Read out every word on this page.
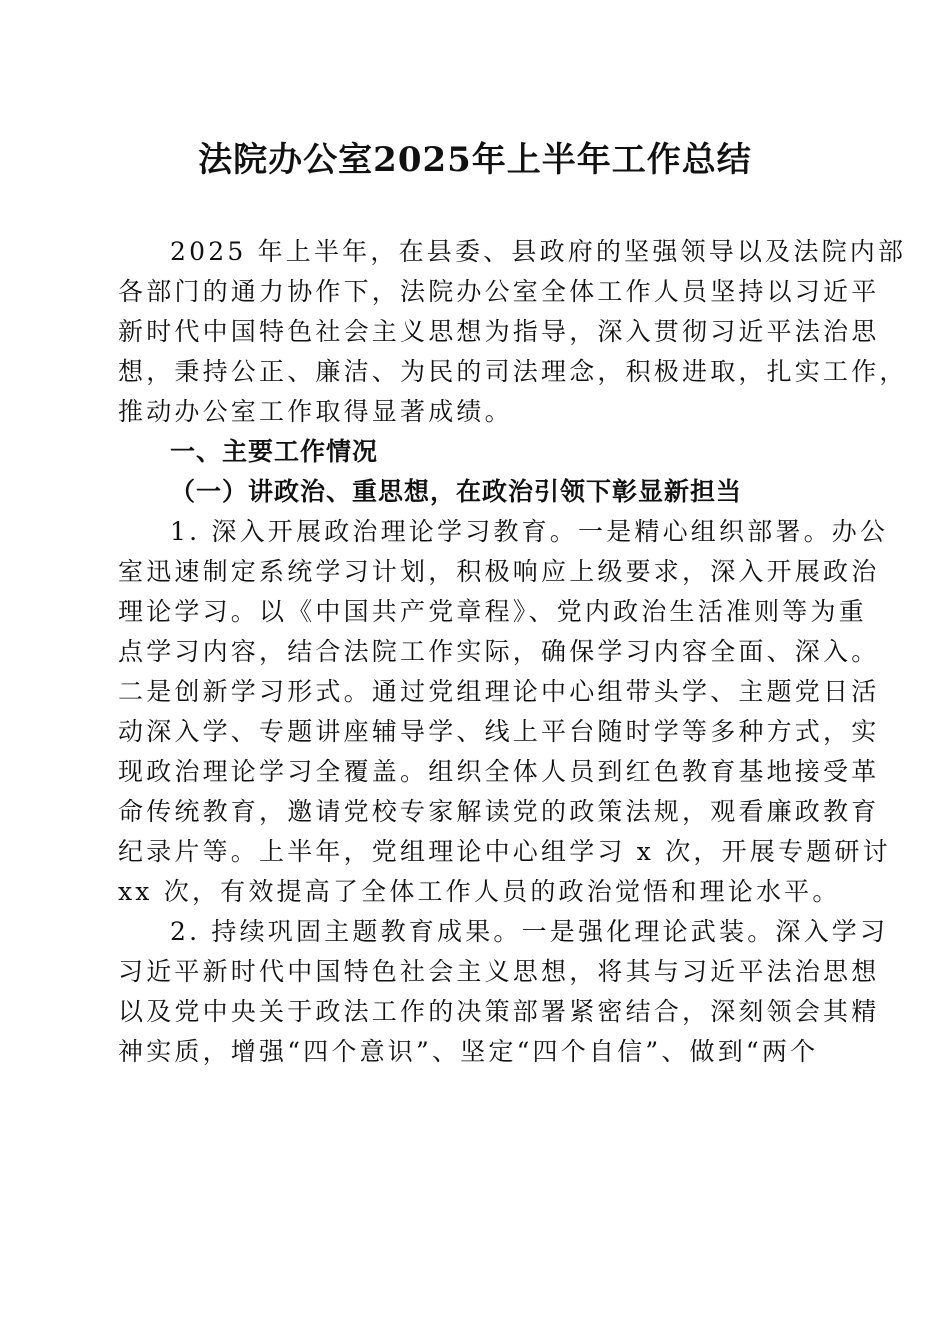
法院办公室2025年上半年工作总结
2025 年上半年，在县委、县政府的坚强领导以及法院内部
各部门的通力协作下，法院办公室全体工作人员坚持以习近平
新时代中国特色社会主义思想为指导，深入贯彻习近平法治思
想，秉持公正、廉洁、为民的司法理念，积极进取，扎实工作，
推动办公室工作取得显著成绩。
一、主要工作情况
（一）讲政治、重思想，在政治引领下彰显新担当
1. 深入开展政治理论学习教育。一是精心组织部署。办公
室迅速制定系统学习计划，积极响应上级要求，深入开展政治
理论学习。以《中国共产党章程》、党内政治生活准则等为重
点学习内容，结合法院工作实际，确保学习内容全面、深入。
二是创新学习形式。通过党组理论中心组带头学、主题党日活
动深入学、专题讲座辅导学、线上平台随时学等多种方式，实
现政治理论学习全覆盖。组织全体人员到红色教育基地接受革
命传统教育，邀请党校专家解读党的政策法规，观看廉政教育
纪录片等。上半年，党组理论中心组学习 x 次，开展专题研讨
xx 次，有效提高了全体工作人员的政治觉悟和理论水平。
2. 持续巩固主题教育成果。一是强化理论武装。深入学习
习近平新时代中国特色社会主义思想，将其与习近平法治思想
以及党中央关于政法工作的决策部署紧密结合，深刻领会其精
神实质，增强“四个意识”、坚定“四个自信”、做到“两个
